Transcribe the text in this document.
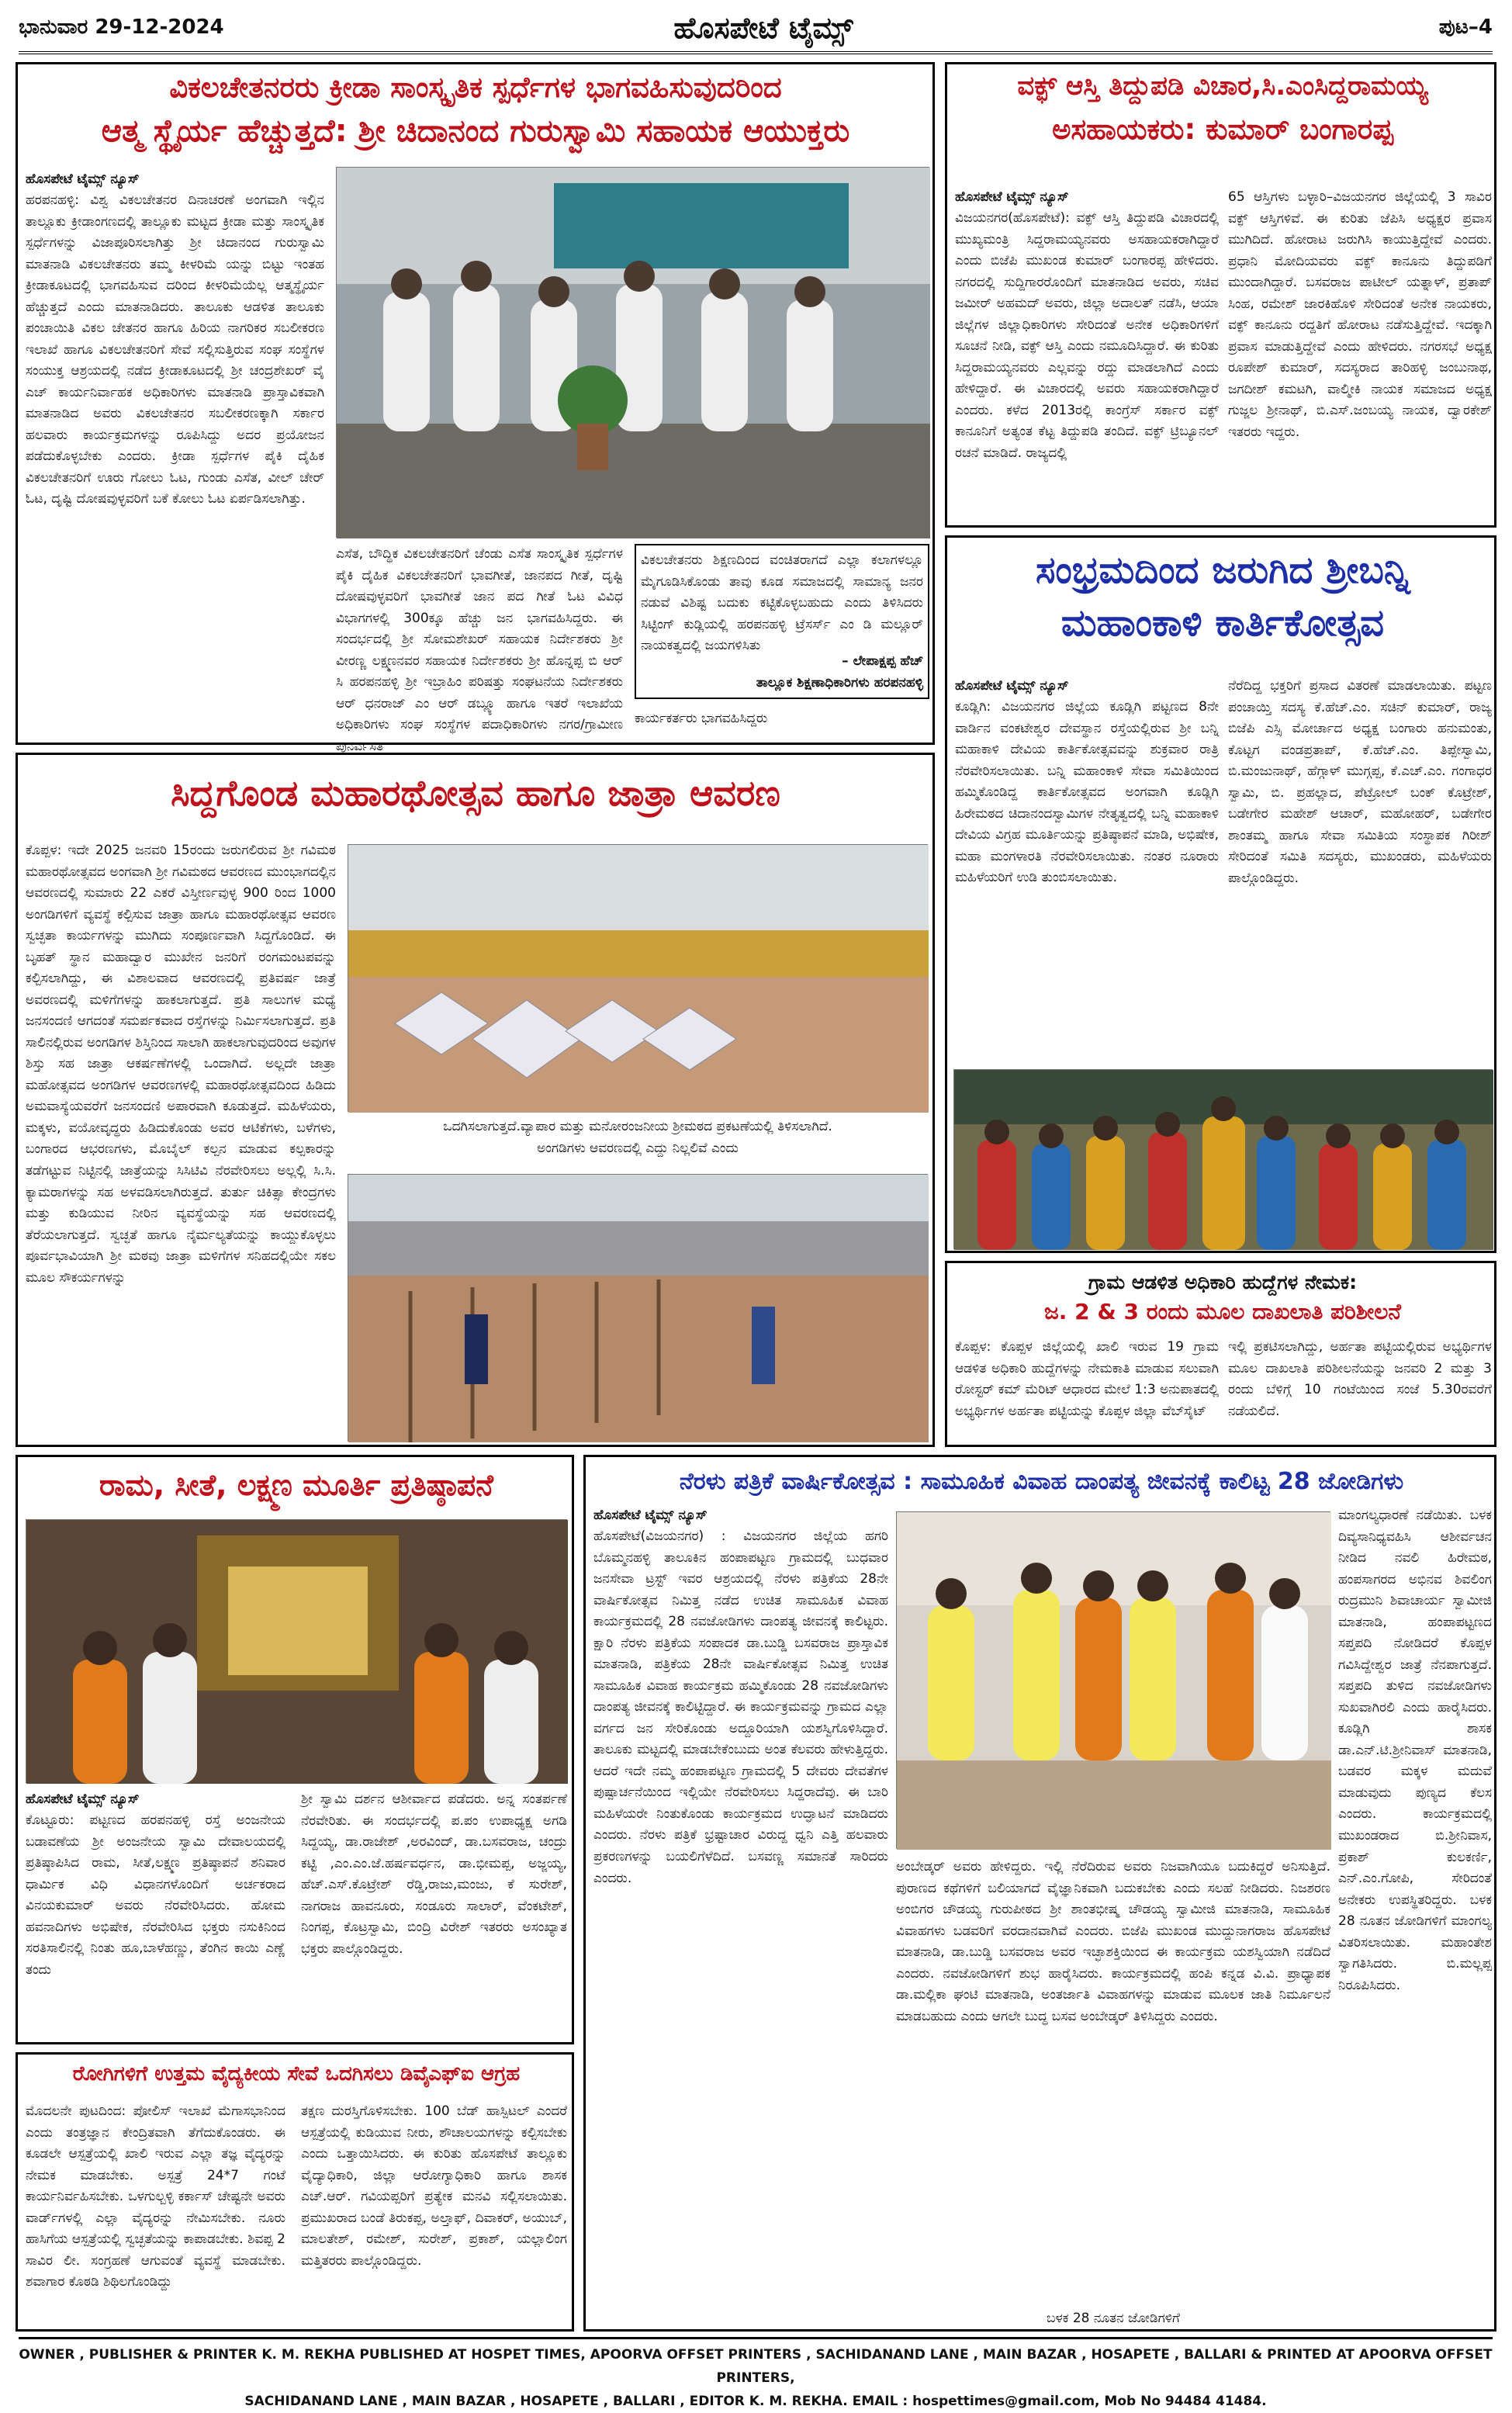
ಭಾನುವಾರ 29-12-2024	ಹೊಸಪೇಟೆ ಟೈಮ್ಸ್	ಪುಟ–4
ವಿಕಲಚೇತನರರು ಕ್ರೀಡಾ ಸಾಂಸ್ಕೃತಿಕ ಸ್ಪರ್ಧೆಗಳ ಭಾಗವಹಿಸುವುದರಿಂದ
ಆತ್ಮ ಸ್ಥೈರ್ಯ ಹೆಚ್ಚುತ್ತದೆ: ಶ್ರೀ ಚಿದಾನಂದ ಗುರುಸ್ವಾಮಿ ಸಹಾಯಕ ಆಯುಕ್ತರು
ಹೊಸಪೇಟೆ ಟೈಮ್ಸ್ ನ್ಯೂಸ್
ಹರಪನಹಳ್ಳಿ: ವಿಶ್ವ ವಿಕಲಚೇತನರ ದಿನಾಚರಣೆ ಅಂಗವಾಗಿ ಇಲ್ಲಿನ ತಾಲ್ಲೂಕು ಕ್ರೀಡಾಂಗಣದಲ್ಲಿ ತಾಲ್ಲೂಕು ಮಟ್ಟದ ಕ್ರೀಡಾ ಮತ್ತು ಸಾಂಸ್ಕೃತಿಕ ಸ್ಪರ್ಧೆಗಳನ್ನು ವಿಜಾಪೂರಿಸಲಾಗಿತ್ತು ಶ್ರೀ ಚಿದಾನಂದ ಗುರುಸ್ವಾಮಿ ಮಾತನಾಡಿ ವಿಕಲಚೇತನರು ತಮ್ಮ ಕೀಳರಿಮೆ ಯನ್ನು ಬಿಟ್ಟು ಇಂತಹ ಕ್ರೀಡಾಕೂಟದಲ್ಲಿ ಭಾಗವಹಿಸುವ ದರಿಂದ ಕೀಳರಿಮೆಯೆಲ್ಲ ಆತ್ಮಸ್ಥೈರ್ಯ ಹೆಚ್ಚುತ್ತದೆ ಎಂದು ಮಾತನಾಡಿದರು. ತಾಲೂಕು ಆಡಳಿತ ತಾಲೂಕು ಪಂಚಾಯಿತಿ ವಿಕಲ ಚೇತನರ ಹಾಗೂ ಹಿರಿಯ ನಾಗರಿಕರ ಸಬಲೀಕರಣ ಇಲಾಖೆ ಹಾಗೂ ವಿಕಲಚೇತನರಿಗೆ ಸೇವೆ ಸಲ್ಲಿಸುತ್ತಿರುವ ಸಂಘ ಸಂಸ್ಥೆಗಳ ಸಂಯುಕ್ತ ಆಶ್ರಯದಲ್ಲಿ ನಡೆದ ಕ್ರೀಡಾಕೂಟದಲ್ಲಿ ಶ್ರೀ ಚಂದ್ರಶೇಖರ್ ವೈ ಎಚ್ ಕಾರ್ಯನಿರ್ವಾಹಕ ಅಧಿಕಾರಿಗಳು ಮಾತನಾಡಿ ಪ್ರಾಸ್ತಾವಿಕವಾಗಿ ಮಾತನಾಡಿದ ಅವರು ವಿಕಲಚೇತನರ ಸಬಲೀಕರಣಕ್ಕಾಗಿ ಸರ್ಕಾರ ಹಲವಾರು ಕಾರ್ಯಕ್ರಮಗಳನ್ನು ರೂಪಿಸಿದ್ದು ಅದರ ಪ್ರಯೋಜನ ಪಡೆದುಕೊಳ್ಳಬೇಕು ಎಂದರು. ಕ್ರೀಡಾ ಸ್ಪರ್ಧೆಗಳ ಪೈಕಿ ದೈಹಿಕ ವಿಕಲಚೇತನರಿಗೆ ಊರು ಗೋಲು ಓಟ, ಗುಂಡು ಎಸೆತ, ವೀಲ್ ಚೇರ್ ಓಟ, ದೃಷ್ಟಿ ದೋಷವುಳ್ಳವರಿಗೆ ಬಕೆ ಕೋಲು ಓಟ ಏರ್ಪಡಿಸಲಾಗಿತ್ತು.
ಎಸೆತ, ಬೌದ್ಧಿಕ ವಿಕಲಚೇತನರಿಗೆ ಚೆಂಡು ಎಸೆತ ಸಾಂಸ್ಕೃತಿಕ ಸ್ಪರ್ಧೆಗಳ ಪೈಕಿ ದೈಹಿಕ ವಿಕಲಚೇತನರಿಗೆ ಭಾವಗೀತೆ, ಜಾನಪದ ಗೀತೆ, ದೃಷ್ಟಿ ದೋಷವುಳ್ಳವರಿಗೆ ಭಾವಗೀತೆ ಜಾನ ಪದ ಗೀತೆ ಓಟ ವಿವಿಧ ವಿಭಾಗಗಳಲ್ಲಿ 300ಕ್ಕೂ ಹೆಚ್ಚು ಜನ ಭಾಗವಹಿಸಿದ್ದರು. ಈ ಸಂದರ್ಭದಲ್ಲಿ ಶ್ರೀ ಸೋಮಶೇಖರ್ ಸಹಾಯಕ ನಿರ್ದೇಶಕರು ಶ್ರೀ ವೀರಣ್ಣ ಲಕ್ಷ್ಮಣನವರ ಸಹಾಯಕ ನಿರ್ದೇಶಕರು ಶ್ರೀ ಹೊನ್ನಪ್ಪ ಬಿ ಆರ್ ಸಿ ಹರಪನಹಳ್ಳಿ ಶ್ರೀ ಇಬ್ರಾಹಿಂ ಪರಿಷತ್ತು ಸಂಘಟನೆಯ ನಿರ್ದೇಶಕರು ಆರ್ ಧನರಾಜ್ ಎಂ ಆರ್ ಡಬ್ಲ್ಯೂ ಹಾಗೂ ಇತರೆ ಇಲಾಖೆಯ ಅಧಿಕಾರಿಗಳು ಸಂಘ ಸಂಸ್ಥೆಗಳ ಪದಾಧಿಕಾರಿಗಳು ನಗರ/ಗ್ರಾಮೀಣ ಪುನರ್ವಸತಿ
ವಿಕಲಚೇತನರು ಶಿಕ್ಷಣದಿಂದ ವಂಚಿತರಾಗದೆ ಎಲ್ಲಾ ಕಲಾಗಳಲ್ಲೂ ಮೈಗೂಡಿಸಿಕೊಂಡು ತಾವು ಕೂಡ ಸಮಾಜದಲ್ಲಿ ಸಾಮಾನ್ಯ ಜನರ ನಡುವೆ ವಿಶಿಷ್ಟ ಬದುಕು ಕಟ್ಟಿಕೊಳ್ಳಬಹುದು ಎಂದು ತಿಳಿಸಿದರು ಸಿಟ್ಟಿಂಗ್ ಕುಡ್ಲಿಯಲ್ಲಿ ಹರಪನಹಳ್ಳಿ ಟ್ರೆಸರ್ಸ್ ಎಂ ಡಿ ಮಲ್ಲೂರ್ ನಾಯಕತ್ವದಲ್ಲಿ ಜಯಗಳಿಸಿತು
– ಲೇಪಾಕ್ಷಪ್ಪ ಹೆಚ್
ತಾಲ್ಲೂಕ ಶಿಕ್ಷಣಾಧಿಕಾರಿಗಳು ಹರಪನಹಳ್ಳಿ
ಕಾರ್ಯಕರ್ತರು ಭಾಗವಹಿಸಿದ್ದರು
ವಕ್ಫ್ ಆಸ್ತಿ ತಿದ್ದುಪಡಿ ವಿಚಾರ,ಸಿ.ಎಂಸಿದ್ದರಾಮಯ್ಯ
ಅಸಹಾಯಕರು: ಕುಮಾರ್ ಬಂಗಾರಪ್ಪ
ಹೊಸಪೇಟೆ ಟೈಮ್ಸ್ ನ್ಯೂಸ್
ವಿಜಯನಗರ(ಹೊಸಪೇಟೆ): ವಕ್ಫ್ ಆಸ್ತಿ ತಿದ್ದುಪಡಿ ವಿಚಾರದಲ್ಲಿ ಮುಖ್ಯಮಂತ್ರಿ ಸಿದ್ದರಾಮಯ್ಯನವರು ಅಸಹಾಯಕರಾಗಿದ್ದಾರೆ ಎಂದು ಬಿಜೆಪಿ ಮುಖಂಡ ಕುಮಾರ್ ಬಂಗಾರಪ್ಪ ಹೇಳಿದರು. ನಗರದಲ್ಲಿ ಸುದ್ದಿಗಾರರೊಂದಿಗೆ ಮಾತನಾಡಿದ ಅವರು, ಸಚಿವ ಜಮೀರ್ ಅಹಮದ್ ಅವರು, ಜಿಲ್ಲಾ ಅದಾಲತ್ ನಡೆಸಿ, ಆಯಾ ಜಿಲ್ಲೆಗಳ ಜಿಲ್ಲಾಧಿಕಾರಿಗಳು ಸೇರಿದಂತೆ ಅನೇಕ ಅಧಿಕಾರಿಗಳಿಗೆ ಸೂಚನೆ ನೀಡಿ, ವಕ್ಫ್ ಆಸ್ತಿ ಎಂದು ನಮೂದಿಸಿದ್ದಾರೆ. ಈ ಕುರಿತು ಸಿದ್ದರಾಮಯ್ಯನವರು ಎಲ್ಲವನ್ನು ರದ್ದು ಮಾಡಲಾಗಿದೆ ಎಂದು ಹೇಳಿದ್ದಾರೆ. ಈ ವಿಚಾರದಲ್ಲಿ ಅವರು ಸಹಾಯಕರಾಗಿದ್ದಾರೆ ಎಂದರು. ಕಳೆದ 2013ರಲ್ಲಿ ಕಾಂಗ್ರೆಸ್ ಸರ್ಕಾರ ವಕ್ಫ್ ಕಾನೂನಿಗೆ ಅತ್ಯಂತ ಕೆಟ್ಟ ತಿದ್ದುಪಡಿ ತಂದಿದೆ. ವಕ್ಫ್ ಟ್ರಿಬ್ಯೂನಲ್ ರಚನೆ ಮಾಡಿದೆ. ರಾಜ್ಯದಲ್ಲಿ
65 ಆಸ್ತಿಗಳು ಬಳ್ಳಾರಿ–ವಿಜಯನಗರ ಜಿಲ್ಲೆಯಲ್ಲಿ 3 ಸಾವಿರ ವಕ್ಫ್ ಆಸ್ತಿಗಳಿವೆ. ಈ ಕುರಿತು ಜೆಪಿಸಿ ಅಧ್ಯಕ್ಷರ ಪ್ರವಾಸ ಮುಗಿದಿದೆ. ಹೋರಾಟ ಜರುಗಿಸಿ ಕಾಯುತ್ತಿದ್ದೇವೆ ಎಂದರು. ಪ್ರಧಾನಿ ಮೋದಿಯವರು ವಕ್ಫ್ ಕಾನೂನು ತಿದ್ದುಪಡಿಗೆ ಮುಂದಾಗಿದ್ದಾರೆ. ಬಸವರಾಜ ಪಾಟೀಲ್ ಯತ್ನಾಳ್, ಪ್ರತಾಪ್ ಸಿಂಹ, ರಮೇಶ್ ಜಾರಕಿಹೊಳಿ ಸೇರಿದಂತೆ ಅನೇಕ ನಾಯಕರು, ವಕ್ಫ್ ಕಾನೂನು ರದ್ದತಿಗೆ ಹೋರಾಟ ನಡೆಸುತ್ತಿದ್ದೇವೆ. ಇದಕ್ಕಾಗಿ ಪ್ರವಾಸ ಮಾಡುತ್ತಿದ್ದೇವೆ ಎಂದು ಹೇಳಿದರು. ನಗರಸಭೆ ಅಧ್ಯಕ್ಷ ರೂಪೇಶ್ ಕುಮಾರ್, ಸದಸ್ಯರಾದ ತಾರಿಹಳ್ಳಿ ಜಂಬುನಾಥ, ಜಗದೀಶ್ ಕಮಟಗಿ, ವಾಲ್ಮೀಕಿ ನಾಯಕ ಸಮಾಜದ ಅಧ್ಯಕ್ಷ ಗುಜ್ಜಲ ಶ್ರೀನಾಥ್, ಬಿ.ಎಸ್.ಜಂಬಯ್ಯ ನಾಯಕ, ದ್ವಾರಕೇಶ್ ಇತರರು ಇದ್ದರು.
ಸಂಭ್ರಮದಿಂದ ಜರುಗಿದ ಶ್ರೀಬನ್ನಿ
ಮಹಾಂಕಾಳಿ ಕಾರ್ತಿಕೋತ್ಸವ
ಹೊಸಪೇಟೆ ಟೈಮ್ಸ್ ನ್ಯೂಸ್
ಕೂಡ್ಲಿಗಿ: ವಿಜಯನಗರ ಜಿಲ್ಲೆಯ ಕೂಡ್ಲಿಗಿ ಪಟ್ಟಣದ 8ನೇ ವಾರ್ಡಿನ ವಂಕಟೇಶ್ವರ ದೇವಸ್ಥಾನ ರಸ್ತೆಯಲ್ಲಿರುವ ಶ್ರೀ ಬನ್ನಿ ಮಹಾಕಾಳಿ ದೇವಿಯ ಕಾರ್ತಿಕೋತ್ಸವವನ್ನು ಶುಕ್ರವಾರ ರಾತ್ರಿ ನೆರವೇರಿಸಲಾಯಿತು. ಬನ್ನಿ ಮಹಾಂಕಾಳಿ ಸೇವಾ ಸಮಿತಿಯಿಂದ ಹಮ್ಮಿಕೊಂಡಿದ್ದ ಕಾರ್ತಿಕೋತ್ಸವದ ಅಂಗವಾಗಿ ಕೂಡ್ಲಿಗಿ ಹಿರೇಮಠದ ಚಿದಾನಂದಸ್ವಾಮಿಗಳ ನೇತೃತ್ವದಲ್ಲಿ ಬನ್ನಿ ಮಹಾಕಾಳಿ ದೇವಿಯ ವಿಗ್ರಹ ಮೂರ್ತಿಯನ್ನು ಪ್ರತಿಷ್ಠಾಪನೆ ಮಾಡಿ, ಅಭಿಷೇಕ, ಮಹಾ ಮಂಗಳಾರತಿ ನೆರವೇರಿಸಲಾಯಿತು. ನಂತರ ನೂರಾರು ಮಹಿಳೆಯರಿಗೆ ಉಡಿ ತುಂಬಿಸಲಾಯಿತು.
ನೆರೆದಿದ್ದ ಭಕ್ತರಿಗೆ ಪ್ರಸಾದ ವಿತರಣೆ ಮಾಡಲಾಯಿತು. ಪಟ್ಟಣ ಪಂಚಾಯ್ತಿ ಸದಸ್ಯ ಕೆ.ಹೆಚ್.ಎಂ. ಸಚಿನ್ ಕುಮಾರ್, ರಾಜ್ಯ ಬಿಜೆಪಿ ಎಸ್ಸಿ ಮೋರ್ಚಾದ ಅಧ್ಯಕ್ಷ ಬಂಗಾರು ಹನುಮಂತು, ಕೊಟ್ಟಗ ವಂಡಪ್ರತಾಪ್, ಕೆ.ಹೆಚ್.ಎಂ. ತಿಪ್ಪೇಸ್ವಾಮಿ, ಬಿ.ಮಂಜುನಾಥ್, ಹೆಗ್ಗಾಳ್ ಮುಗ್ಗಪ್ಪ, ಕೆ.ಎಚ್.ಎಂ. ಗಂಗಾಧರ ಸ್ವಾಮಿ, ಬಿ. ಪ್ರಹಲ್ಲಾದ, ಪೆಟ್ರೋಲ್ ಬಂಕ್ ಕೊಟ್ರೇಶ್, ಬಡೇಗೇರ ಮಹೇಶ್ ಆಚಾರ್, ಮಹೋಹರ್, ಬಡೇಗೇರ ಶಾಂತಮ್ಮ ಹಾಗೂ ಸೇವಾ ಸಮಿತಿಯ ಸಂಸ್ಥಾಪಕ ಗಿರೀಶ್ ಸೇರಿದಂತೆ ಸಮಿತಿ ಸದಸ್ಯರು, ಮುಖಂಡರು, ಮಹಿಳೆಯರು ಪಾಲ್ಗೊಂಡಿದ್ದರು.
ಸಿದ್ದಗೊಂಡ ಮಹಾರಥೋತ್ಸವ ಹಾಗೂ ಜಾತ್ರಾ ಆವರಣ
ಕೊಪ್ಪಳ: ಇದೇ 2025 ಜನವರಿ 15ರಂದು ಜರುಗಲಿರುವ ಶ್ರೀ ಗವಿಮಠ ಮಹಾರಥೋತ್ಸವದ ಅಂಗವಾಗಿ ಶ್ರೀ ಗವಿಮಠದ ಆವರಣದ ಮುಂಭಾಗದಲ್ಲಿನ ಆವರಣದಲ್ಲಿ ಸುಮಾರು 22 ಎಕರೆ ವಿಸ್ತೀರ್ಣವುಳ್ಳ 900 ರಿಂದ 1000 ಅಂಗಡಿಗಳಿಗೆ ವ್ಯವಸ್ಥೆ ಕಲ್ಪಿಸುವ ಜಾತ್ರಾ ಹಾಗೂ ಮಹಾರಥೋತ್ಸವ ಆವರಣ ಸ್ವಚ್ಛತಾ ಕಾರ್ಯಗಳನ್ನು ಮುಗಿದು ಸಂಪೂರ್ಣವಾಗಿ ಸಿದ್ದಗೊಂಡಿದೆ. ಈ ಬೃಹತ್ ಸ್ಥಾನ ಮಹಾದ್ವಾರ ಮುಖೇನ ಜನರಿಗೆ ರಂಗಮಂಟಪವನ್ನು ಕಲ್ಪಿಸಲಾಗಿದ್ದು, ಈ ವಿಶಾಲವಾದ ಆವರಣದಲ್ಲಿ ಪ್ರತಿವರ್ಷ ಜಾತ್ರೆ ಅವರಣದಲ್ಲಿ ಮಳಿಗೆಗಳನ್ನು ಹಾಕಲಾಗುತ್ತದೆ. ಪ್ರತಿ ಸಾಲುಗಳ ಮಧ್ಯೆ ಜನಸಂದಣಿ ಆಗದಂತೆ ಸಮರ್ಪಕವಾದ ರಸ್ತೆಗಳನ್ನು ನಿರ್ಮಿಸಲಾಗುತ್ತದೆ. ಪ್ರತಿ ಸಾಲಿನಲ್ಲಿರುವ ಅಂಗಡಿಗಳ ಶಿಸ್ತಿನಿಂದ ಸಾಲಾಗಿ ಹಾಕಲಾಗುವುದರಿಂದ ಅವುಗಳ ಶಿಸ್ತು ಸಹ ಜಾತ್ರಾ ಆಕರ್ಷಣೆಗಳಲ್ಲಿ ಒಂದಾಗಿದೆ. ಅಲ್ಲದೇ ಜಾತ್ರಾ ಮಹೋತ್ಸವದ ಅಂಗಡಿಗಳ ಆವರಣಗಳಲ್ಲಿ ಮಹಾರಥೋತ್ಸವದಿಂದ ಹಿಡಿದು ಅಮವಾಸ್ಯೆಯವರೆಗೆ ಜನಸಂದಣಿ ಅಪಾರವಾಗಿ ಕೂಡುತ್ತದೆ. ಮಹಿಳೆಯರು, ಮಕ್ಕಳು, ವಯೋವೃದ್ಧರು ಹಿಡಿದುಕೊಂಡು ಅವರ ಆಟಿಕೆಗಳು, ಬಳೆಗಳು, ಬಂಗಾರದ ಆಭರಣಗಳು, ಮೊಬೈಲ್ ಕಲ್ಪನ ಮಾಡುವ ಕಲ್ಪಕಾರನ್ನು ತಡೆಗಟ್ಟುವ ನಿಟ್ಟಿನಲ್ಲಿ ಜಾತ್ರೆಯನ್ನು ಸಿಸಿಟಿವಿ ನೆರವೇರಿಸಲು ಅಲ್ಲಲ್ಲಿ ಸಿ.ಸಿ. ಕ್ಯಾಮರಾಗಳನ್ನು ಸಹ ಅಳವಡಿಸಲಾಗಿರುತ್ತದೆ. ತುರ್ತು ಚಿಕಿತ್ಸಾ ಕೇಂದ್ರಗಳು ಮತ್ತು ಕುಡಿಯುವ ನೀರಿನ ವ್ಯವಸ್ಥೆಯನ್ನು ಸಹ ಆವರಣದಲ್ಲಿ ತೆರೆಯಲಾಗುತ್ತದೆ. ಸ್ವಚ್ಛತೆ ಹಾಗೂ ನೈರ್ಮಲ್ಯತೆಯನ್ನು ಕಾಯ್ದುಕೊಳ್ಳಲು ಪೂರ್ವಭಾವಿಯಾಗಿ ಶ್ರೀ ಮಠವು ಜಾತ್ರಾ ಮಳಿಗೆಗಳ ಸನಿಹದಲ್ಲಿಯೇ ಸಕಲ ಮೂಲ ಸೌಕರ್ಯಗಳನ್ನು
ಒದಗಿಸಲಾಗುತ್ತದೆ.ವ್ಯಾಪಾರ ಮತ್ತು ಮನೋರಂಜನೀಯ ಶ್ರೀಮಠದ ಪ್ರಕಟಣೆಯಲ್ಲಿ ತಿಳಿಸಲಾಗಿದೆ.
ಅಂಗಡಿಗಳು ಆವರಣದಲ್ಲಿ ಎದ್ದು ನಿಲ್ಲಲಿವೆ ಎಂದು
ಗ್ರಾಮ ಆಡಳಿತ ಅಧಿಕಾರಿ ಹುದ್ದೆಗಳ ನೇಮಕ:
ಜ. 2 & 3 ರಂದು ಮೂಲ ದಾಖಲಾತಿ ಪರಿಶೀಲನೆ
ಕೊಪ್ಪಳ: ಕೊಪ್ಪಳ ಜಿಲ್ಲೆಯಲ್ಲಿ ಖಾಲಿ ಇರುವ 19 ಗ್ರಾಮ ಆಡಳಿತ ಅಧಿಕಾರಿ ಹುದ್ದೆಗಳನ್ನು ನೇಮಕಾತಿ ಮಾಡುವ ಸಲುವಾಗಿ ರೋಸ್ಟರ್ ಕಮ್ ಮೆರಿಟ್ ಆಧಾರದ ಮೇಲೆ 1:3 ಅನುಪಾತದಲ್ಲಿ ಅಭ್ಯರ್ಥಿಗಳ ಅರ್ಹತಾ ಪಟ್ಟಿಯನ್ನು ಕೊಪ್ಪಳ ಜಿಲ್ಲಾ ವೆಬ್‍ಸೈಟ್
ಇಲ್ಲಿ ಪ್ರಕಟಿಸಲಾಗಿದ್ದು, ಅರ್ಹತಾ ಪಟ್ಟಿಯಲ್ಲಿರುವ ಅಭ್ಯರ್ಥಿಗಳ ಮೂಲ ದಾಖಲಾತಿ ಪರಿಶೀಲನೆಯನ್ನು ಜನವರಿ 2 ಮತ್ತು 3 ರಂದು ಬೆಳಿಗ್ಗೆ 10 ಗಂಟೆಯಿಂದ ಸಂಜೆ 5.30ರವರೆಗೆ ನಡೆಯಲಿದೆ.
ರಾಮ, ಸೀತೆ, ಲಕ್ಷ್ಮಣ ಮೂರ್ತಿ ಪ್ರತಿಷ್ಠಾಪನೆ
ಹೊಸಪೇಟೆ ಟೈಮ್ಸ್ ನ್ಯೂಸ್
ಕೊಟ್ಟೂರು: ಪಟ್ಟಣದ ಹರಪನಹಳ್ಳಿ ರಸ್ತೆ ಅಂಜನೇಯ ಬಡಾವಣೆಯ ಶ್ರೀ ಅಂಜನೇಯ ಸ್ವಾಮಿ ದೇವಾಲಯದಲ್ಲಿ ಪ್ರತಿಷ್ಠಾಪಿಸಿದ ರಾಮ, ಸೀತೆ,ಲಕ್ಷ್ಮಣ ಪ್ರತಿಷ್ಠಾಪನೆ ಶನಿವಾರ ಧಾರ್ಮಿಕ ವಿಧಿ ವಿಧಾನಗಳೊಂದಿಗೆ ಅರ್ಚಕರಾದ ವಿನಯಕುಮಾರ್ ಅವರು ನೆರವೇರಿಸಿದರು. ಹೋಮ ಹವನಾದಿಗಳು ಅಭಿಷೇಕ, ನೆರವೇರಿಸಿದ ಭಕ್ತರು ನಸುಕಿನಿಂದ ಸರತಿಸಾಲಿನಲ್ಲಿ ನಿಂತು ಹೂ,ಬಾಳೆಹಣ್ಣು, ತೆಂಗಿನ ಕಾಯಿ ಎಣ್ಣೆ ತಂದು
ಶ್ರೀ ಸ್ವಾಮಿ ದರ್ಶನ ಆಶೀರ್ವಾದ ಪಡೆದರು. ಅನ್ನ ಸಂತರ್ಪಣೆ ನೆರವೇರಿತು. ಈ ಸಂದರ್ಭದಲ್ಲಿ ಪ.ಪಂ ಉಪಾಧ್ಯಕ್ಷ ಅಗಡಿ ಸಿದ್ದಯ್ಯ, ಡಾ.ರಾಜೇಶ್ ,ಅರವಿಂದ್, ಡಾ.ಬಸವರಾಜ, ಚಂದ್ರು ಕಟ್ಟಿ ,ಎಂ.ಎಂ.ಜೆ.ಹರ್ಷವರ್ಧನ, ಡಾ.ಭೀಮಪ್ಪ, ಅಜ್ಜಯ್ಯ, ಹೆಚ್.ಎಸ್.ಕೊಟ್ರೇಶ್ ರೆಡ್ಡಿ,ರಾಜು,ಮಂಜು, ಕೆ ಸುರೇಶ್, ನಾಗರಾಜ ಹಾವನೂರು, ಸಂಡೂರು ಸಾಲಾರ್, ವೆಂಕಟೇಶ್, ನಿಂಗಪ್ಪ, ಕೊಟ್ರಸ್ವಾಮಿ, ಬಿಂದ್ರಿ ವಿರೇಶ್ ಇತರರು ಅಸಂಖ್ಯಾತ ಭಕ್ತರು ಪಾಲ್ಗೊಂಡಿದ್ದರು.
ರೋಗಿಗಳಿಗೆ ಉತ್ತಮ ವೈದ್ಯಕೀಯ ಸೇವೆ ಒದಗಿಸಲು ಡಿವೈಎಫ್‌ಐ ಆಗ್ರಹ
ಮೊದಲನೇ ಪುಟದಿಂದ: ಪೋಲಿಸ್ ಇಲಾಖೆ ಮೆಗಾಸಭಾನಿಂದ ಎಂದು ತಂತ್ರಜ್ಞಾನ ಕೇಂದ್ರಿತವಾಗಿ ತೆಗೆದುಕೊಂಡರು. ಈ ಕೂಡಲೇ ಆಸ್ಪತ್ರೆಯಲ್ಲಿ ಖಾಲಿ ಇರುವ ಎಲ್ಲಾ ತಜ್ಞ ವೈದ್ಯರನ್ನು ನೇಮಕ ಮಾಡಬೇಕು. ಅಸ್ಪತ್ರೆ 24*7 ಗಂಟೆ ಕಾರ್ಯನಿರ್ವಹಿಸಬೇಕು. ಒಳಗುಲ್ಬಳ್ಳಿ ಕರ್ಕಾಸ್ ಚೇಷ್ಟನೇ ಅವರು ವಾರ್ಡ್‍ಗಳಲ್ಲಿ ಎಲ್ಲಾ ವೈದ್ಯರನ್ನು ನೇಮಿಸಬೇಕು. ನೂರು ಹಾಸಿಗೆಯ ಆಸ್ಪತ್ರೆಯಲ್ಲಿ ಸ್ವಚ್ಛತೆಯನ್ನು ಕಾಪಾಡಬೇಕು. ಶಿವಪ್ಪ 2 ಸಾವಿರ ಲೀ. ಸಂಗ್ರಹಣೆ ಆಗುವಂತೆ ವ್ಯವಸ್ಥೆ ಮಾಡಬೇಕು. ಶವಾಗಾರ ಕೊಠಡಿ ಶಿಥಿಲಗೊಂಡಿದ್ದು
ತಕ್ಷಣ ದುರಸ್ತಿಗೊಳಿಸಬೇಕು. 100 ಬೆಡ್ ಹಾಸ್ಪಿಟಲ್ ಎಂದರೆ ಆಸ್ಪತ್ರೆಯಲ್ಲಿ ಕುಡಿಯುವ ನೀರು, ಶೌಚಾಲಯಗಳನ್ನು ಕಲ್ಪಿಸಬೇಕು ಎಂದು ಒತ್ತಾಯಿಸಿದರು. ಈ ಕುರಿತು ಹೊಸಪೇಟೆ ತಾಲ್ಲೂಕು ವೈದ್ಯಾಧಿಕಾರಿ, ಜಿಲ್ಲಾ ಆರೋಗ್ಯಾಧಿಕಾರಿ ಹಾಗೂ ಶಾಸಕ ಎಚ್.ಆರ್. ಗವಿಯಪ್ಪರಿಗೆ ಪ್ರತ್ಯೇಕ ಮನವಿ ಸಲ್ಲಿಸಲಾಯಿತು. ಪ್ರಮುಖರಾದ ಬಂಡೆ ತಿರುಕಪ್ಪ, ಅಲ್ತಾಫ್, ದಿವಾಕರ್, ಅಯುಬ್, ಮಾಲತೇಶ್, ರಮೇಶ್, ಸುರೇಶ್, ಪ್ರಕಾಶ್, ಯಲ್ಲಾಲಿಂಗ ಮತ್ತಿತರರು ಪಾಲ್ಗೊಂಡಿದ್ದರು.
ನೆರಳು ಪತ್ರಿಕೆ ವಾರ್ಷಿಕೋತ್ಸವ : ಸಾಮೂಹಿಕ ವಿವಾಹ ದಾಂಪತ್ಯ ಜೀವನಕ್ಕೆ ಕಾಲಿಟ್ಟ 28 ಜೋಡಿಗಳು
ಹೊಸಪೇಟೆ ಟೈಮ್ಸ್ ನ್ಯೂಸ್
ಹೊಸಪೇಟೆ(ವಿಜಯನಗರ) : ವಿಜಯನಗರ ಜಿಲ್ಲೆಯ ಹಗರಿ ಬೊಮ್ಮನಹಳ್ಳಿ ತಾಲೂಕಿನ ಹಂಪಾಪಟ್ಟಣ ಗ್ರಾಮದಲ್ಲಿ ಬುಧವಾರ ಜನಸೇವಾ ಟ್ರಸ್ಟ್ ಇವರ ಆಶ್ರಯದಲ್ಲಿ ನೆರಳು ಪತ್ರಿಕೆಯ 28ನೇ ವಾರ್ಷಿಕೋತ್ಸವ ನಿಮಿತ್ತ ನಡೆದ ಉಚಿತ ಸಾಮೂಹಿಕ ವಿವಾಹ ಕಾರ್ಯಕ್ರಮದಲ್ಲಿ 28 ನವಜೋಡಿಗಳು ದಾಂಪತ್ಯ ಜೀವನಕ್ಕೆ ಕಾಲಿಟ್ಟರು. ಕ್ಷಾರಿ ನೆರಳು ಪತ್ರಿಕೆಯ ಸಂಪಾದಕ ಡಾ.ಬುಡ್ಡಿ ಬಸವರಾಜ ಪ್ರಾಸ್ತಾವಿಕ ಮಾತನಾಡಿ, ಪತ್ರಿಕೆಯ 28ನೇ ವಾರ್ಷಿಕೋತ್ಸವ ನಿಮಿತ್ತ ಉಚಿತ ಸಾಮೂಹಿಕ ವಿವಾಹ ಕಾರ್ಯಕ್ರಮ ಹಮ್ಮಿಕೊಂಡು 28 ನವಜೋಡಿಗಳು ದಾಂಪತ್ಯ ಜೀವನಕ್ಕೆ ಕಾಲಿಟ್ಟಿದ್ದಾರೆ. ಈ ಕಾರ್ಯಕ್ರಮವನ್ನು ಗ್ರಾಮದ ಎಲ್ಲಾ ವರ್ಗದ ಜನ ಸೇರಿಕೊಂಡು ಅದ್ದೂರಿಯಾಗಿ ಯಶಸ್ವಿಗೊಳಿಸಿದ್ದಾರೆ. ತಾಲೂಕು ಮಟ್ಟದಲ್ಲಿ ಮಾಡಬೇಕೆಂಬುದು ಅಂತ ಕೆಲವರು ಹೇಳುತ್ತಿದ್ದರು. ಆದರೆ ಇದೇ ನಮ್ಮ ಹಂಪಾಪಟ್ಟಣ ಗ್ರಾಮದಲ್ಲಿ 5 ದೇವರು ದೇವತೆಗಳ ಪುಷ್ಪಾರ್ಚನೆಯಿಂದ ಇಲ್ಲಿಯೇ ನೆರವೇರಿಸಲು ಸಿದ್ದರಾದೆವು. ಈ ಬಾರಿ ಮಹಿಳೆಯರೇ ನಿಂತುಕೊಂಡು ಕಾರ್ಯಕ್ರಮದ ಉದ್ಘಾಟನೆ ಮಾಡಿದರು ಎಂದರು. ನೆರಳು ಪತ್ರಿಕೆ ಭ್ರಷ್ಟಾಚಾರ ವಿರುದ್ದ ಧ್ವನಿ ಎತ್ತಿ ಹಲವಾರು ಪ್ರಕರಣಗಳನ್ನು ಬಯಲಿಗೆಳೆದಿದೆ. ಬಸವಣ್ಣ ಸಮಾನತೆ ಸಾರಿದರು ಎಂದರು.
ಅಂಬೇಡ್ಕರ್ ಅವರು ಹೇಳಿದ್ದರು. ಇಲ್ಲಿ ನೆರೆದಿರುವ ಅವರು ನಿಜವಾಗಿಯೂ ಬದುಕಿದ್ದರೆ ಅನಿಸುತ್ತಿದೆ. ಪುರಾಣದ ಕಥೆಗಳಿಗೆ ಬಲಿಯಾಗದೆ ವೈಜ್ಞಾನಿಕವಾಗಿ ಬದುಕಬೇಕು ಎಂದು ಸಲಹೆ ನೀಡಿದರು. ನಿಜಶರಣ ಅಂಬಿಗರ ಚೌಡಯ್ಯ ಗುರುಪೀಠದ ಶ್ರೀ ಶಾಂತಭೀಷ್ಮ ಚೌಡಯ್ಯ ಸ್ವಾಮೀಜಿ ಮಾತನಾಡಿ, ಸಾಮೂಹಿಕ ವಿವಾಹಗಳು ಬಡವರಿಗೆ ವರದಾನವಾಗಿವೆ ಎಂದರು. ಬಿಜೆಪಿ ಮುಖಂಡ ಮುದ್ದುನಾಗರಾಜ ಹೊಸಪೇಟೆ ಮಾತನಾಡಿ, ಡಾ.ಬುಡ್ಡಿ ಬಸವರಾಜ ಅವರ ಇಚ್ಛಾಶಕ್ತಿಯಿಂದ ಈ ಕಾರ್ಯಕ್ರಮ ಯಶಸ್ವಿಯಾಗಿ ನಡೆದಿದೆ ಎಂದರು. ನವಜೋಡಿಗಳಿಗೆ ಶುಭ ಹಾರೈಸಿದರು. ಕಾರ್ಯಕ್ರಮದಲ್ಲಿ ಹಂಪಿ ಕನ್ನಡ ವಿ.ವಿ. ಪ್ರಾಧ್ಯಾಪಕ ಡಾ.ಮಲ್ಲಿಕಾ ಘಂಟಿ ಮಾತನಾಡಿ, ಅಂತರ್ಜಾತಿ ವಿವಾಹಗಳನ್ನು ಮಾಡುವ ಮೂಲಕ ಜಾತಿ ನಿರ್ಮೂಲನೆ ಮಾಡಬಹುದು ಎಂದು ಆಗಲೇ ಬುದ್ಧ ಬಸವ ಅಂಬೇಡ್ಕರ್ ತಿಳಿಸಿದ್ದರು ಎಂದರು.
ಬಳಕ 28 ನೂತನ ಜೋಡಿಗಳಿಗೆ
ಮಾಂಗಲ್ಯಧಾರಣೆ ನಡೆಯಿತು. ಬಳಕ ದಿವ್ಯಸಾನಿಧ್ಯವಹಿಸಿ ಆಶೀರ್ವಚನ ನೀಡಿದ ನವಲಿ ಹಿರೇಮಠ, ಹಂಪಸಾಗರದ ಅಭಿನವ ಶಿವಲಿಂಗ ರುದ್ರಮುನಿ ಶಿವಾಚಾರ್ಯ ಸ್ವಾಮೀಜಿ ಮಾತನಾಡಿ, ಹಂಪಾಪಟ್ಟಣದ ಸಪ್ತಪದಿ ನೋಡಿದರೆ ಕೊಪ್ಪಳ ಗವಿಸಿದ್ದೇಶ್ವರ ಜಾತ್ರೆ ನೆನಪಾಗುತ್ತದೆ. ಸಪ್ತಪದಿ ತುಳಿದ ನವಜೋಡಿಗಳು ಸುಖವಾಗಿರಲಿ ಎಂದು ಹಾರೈಸಿದರು. ಕೂಡ್ಲಿಗಿ ಶಾಸಕ ಡಾ.ಎನ್.ಟಿ.ಶ್ರೀನಿವಾಸ್ ಮಾತನಾಡಿ, ಬಡವರ ಮಕ್ಕಳ ಮದುವೆ ಮಾಡುವುದು ಪುಣ್ಯದ ಕೆಲಸ ಎಂದರು. ಕಾರ್ಯಕ್ರಮದಲ್ಲಿ ಮುಖಂಡರಾದ ಬಿ.ಶ್ರೀನಿವಾಸ, ಪ್ರಕಾಶ್ ಕುಲಕರ್ಣಿ, ಎನ್.ಎಂ.ಗೋಪಿ, ಸೇರಿದಂತೆ ಅನೇಕರು ಉಪಸ್ಥಿತರಿದ್ದರು. ಬಳಕ 28 ನೂತನ ಜೋಡಿಗಳಿಗೆ ಮಾಂಗಲ್ಯ ವಿತರಿಸಲಾಯಿತು. ಮಹಾಂತೇಶ ಸ್ವಾಗತಿಸಿದರು. ಬಿ.ಮಲ್ಲಪ್ಪ ನಿರೂಪಿಸಿದರು.
OWNER , PUBLISHER & PRINTER K. M. REKHA PUBLISHED AT HOSPET TIMES, APOORVA OFFSET PRINTERS , SACHIDANAND LANE , MAIN BAZAR , HOSAPETE , BALLARI & PRINTED AT APOORVA OFFSET PRINTERS,
SACHIDANAND LANE , MAIN BAZAR , HOSAPETE , BALLARI , EDITOR K. M. REKHA. EMAIL : hospettimes@gmail.com, Mob No 94484 41484.
